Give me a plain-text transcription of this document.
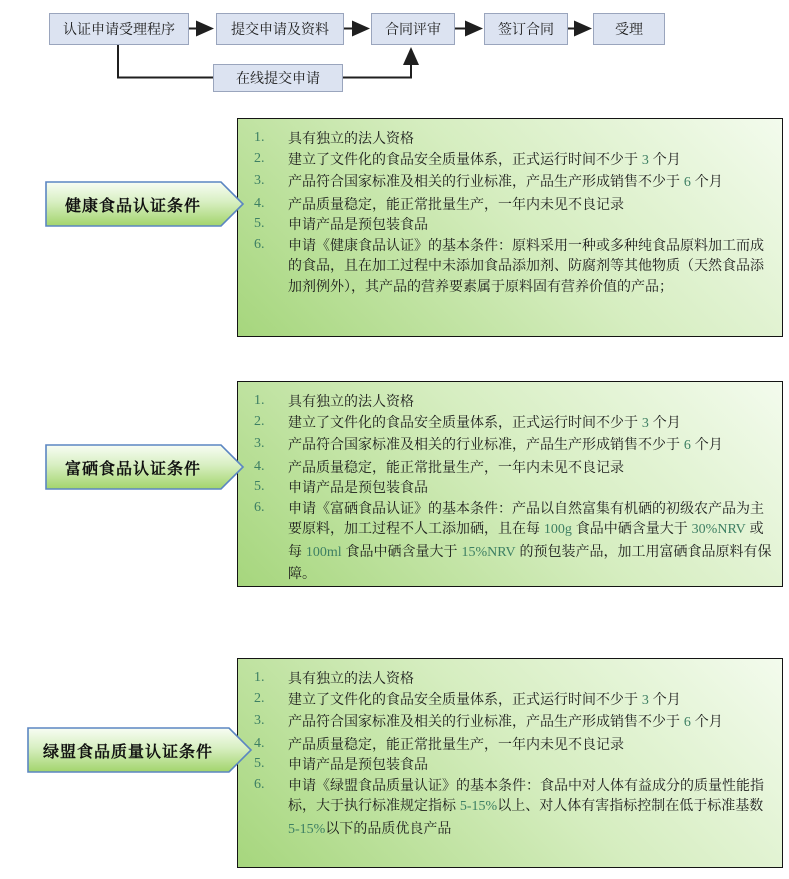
认证申请受理程序	提交申请及资料	合同评审	签订合同	受理
在线提交申请
1.	具有独立的法人资格
2.	建立了文件化的食品安全质量体系，正式运行时间不少于 3 个月
3.	产品符合国家标准及相关的行业标准，产品生产形成销售不少于 6 个月
4.	产品质量稳定，能正常批量生产，一年内未见不良记录
5.	申请产品是预包装食品
6.	申请《健康食品认证》的基本条件：原料采用一种或多种纯食品原料加工而成的食品，且在加工过程中未添加食品添加剂、防腐剂等其他物质（天然食品添加剂例外），其产品的营养要素属于原料固有营养价值的产品；
健康食品认证条件
1.	具有独立的法人资格
2.	建立了文件化的食品安全质量体系，正式运行时间不少于 3 个月
3.	产品符合国家标准及相关的行业标准，产品生产形成销售不少于 6 个月
4.	产品质量稳定，能正常批量生产，一年内未见不良记录
5.	申请产品是预包装食品
6.	申请《富硒食品认证》的基本条件：产品以自然富集有机硒的初级农产品为主要原料，加工过程不人工添加硒，且在每 100g 食品中硒含量大于 30%NRV 或每 100ml 食品中硒含量大于 15%NRV 的预包装产品，加工用富硒食品原料有保障。
富硒食品认证条件
1.	具有独立的法人资格
2.	建立了文件化的食品安全质量体系，正式运行时间不少于 3 个月
3.	产品符合国家标准及相关的行业标准，产品生产形成销售不少于 6 个月
4.	产品质量稳定，能正常批量生产，一年内未见不良记录
5.	申请产品是预包装食品
6.	申请《绿盟食品质量认证》的基本条件：食品中对人体有益成分的质量性能指标，大于执行标准规定指标 5-15%以上、对人体有害指标控制在低于标准基数 5-15%以下的品质优良产品
绿盟食品质量认证条件
